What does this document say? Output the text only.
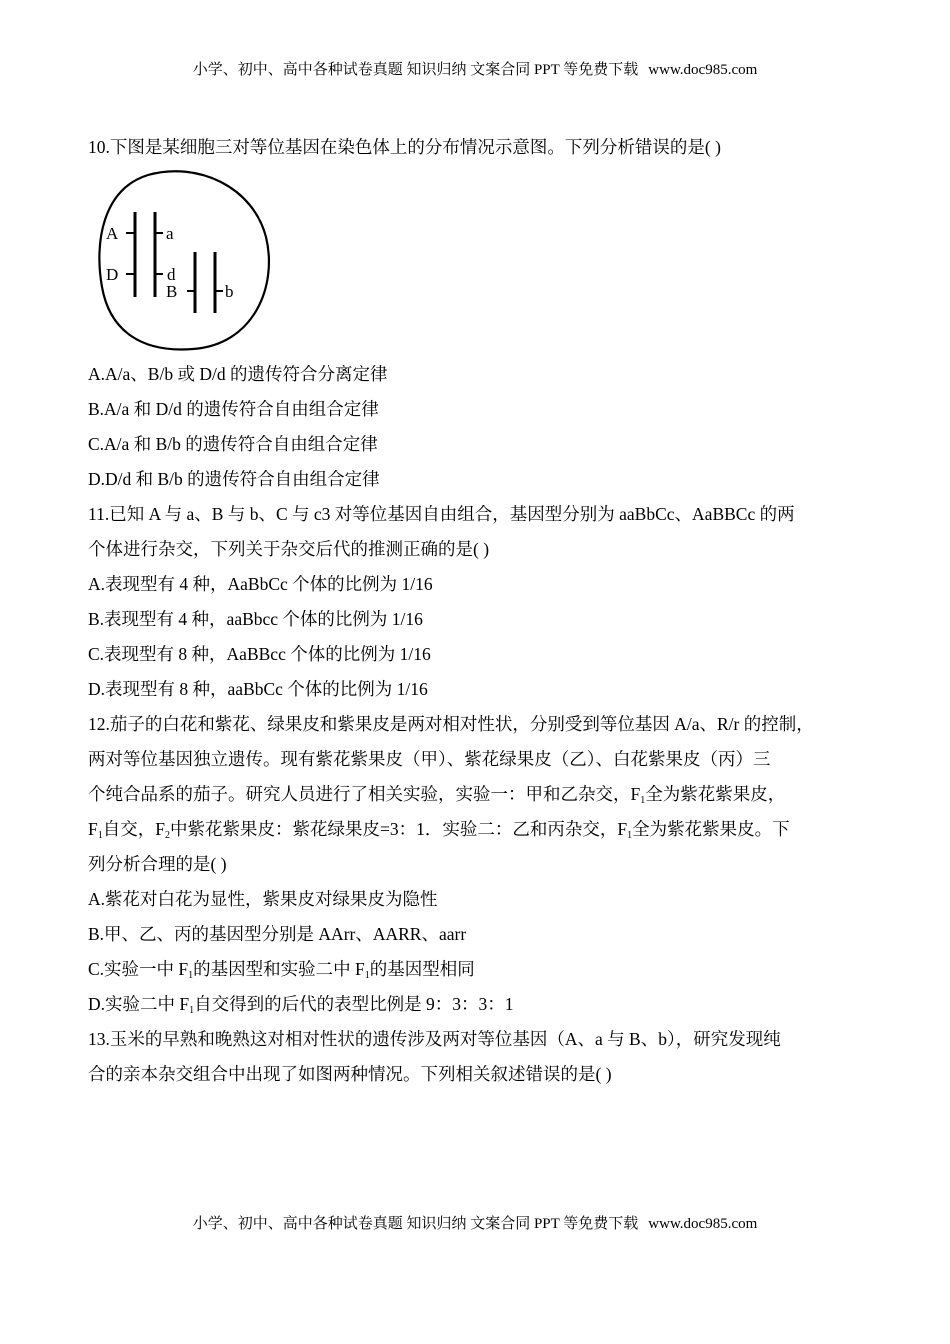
小学、初中、高中各种试卷真题 知识归纳 文案合同 PPT 等免费下载 www.doc985.com
10.下图是某细胞三对等位基因在染色体上的分布情况示意图。下列分析错误的是( )
A	a
D	d
B	b
A.A/a、B/b 或 D/d 的遗传符合分离定律
B.A/a 和 D/d 的遗传符合自由组合定律
C.A/a 和 B/b 的遗传符合自由组合定律
D.D/d 和 B/b 的遗传符合自由组合定律
11.已知 A 与 a、B 与 b、C 与 c3 对等位基因自由组合，基因型分别为 aaBbCc、AaBBCc 的两
个体进行杂交，下列关于杂交后代的推测正确的是( )
A.表现型有 4 种，AaBbCc 个体的比例为 1/16
B.表现型有 4 种，aaBbcc 个体的比例为 1/16
C.表现型有 8 种，AaBBcc 个体的比例为 1/16
D.表现型有 8 种，aaBbCc 个体的比例为 1/16
12.茄子的白花和紫花、绿果皮和紫果皮是两对相对性状，分别受到等位基因 A/a、R/r 的控制，
两对等位基因独立遗传。现有紫花紫果皮（甲）、紫花绿果皮（乙）、白花紫果皮（丙）三
个纯合品系的茄子。研究人员进行了相关实验，实验一：甲和乙杂交，$F_1$全为紫花紫果皮，
$F_1$自交，$F_2$中紫花紫果皮：紫花绿果皮=3：1．实验二：乙和丙杂交，$F_1$全为紫花紫果皮。下
列分析合理的是( )
A.紫花对白花为显性，紫果皮对绿果皮为隐性
B.甲、乙、丙的基因型分别是 AArr、AARR、aarr
C.实验一中 $F_1$的基因型和实验二中 $F_1$的基因型相同
D.实验二中 $F_1$自交得到的后代的表型比例是 9：3：3：1
13.玉米的早熟和晚熟这对相对性状的遗传涉及两对等位基因（A、a 与 B、b），研究发现纯
合的亲本杂交组合中出现了如图两种情况。下列相关叙述错误的是( )
小学、初中、高中各种试卷真题 知识归纳 文案合同 PPT 等免费下载 www.doc985.com
